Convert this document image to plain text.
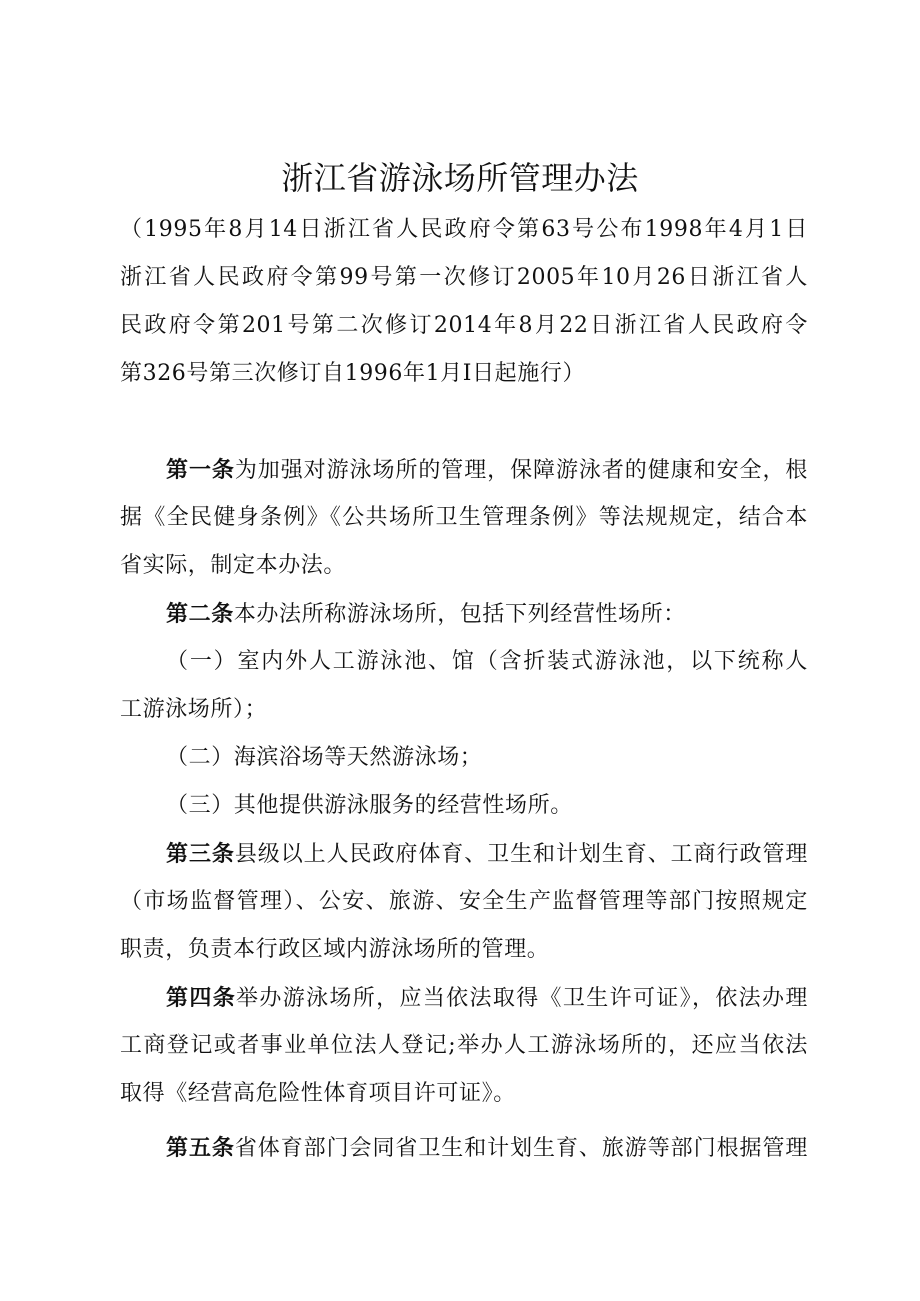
浙江省游泳场所管理办法
（1995年8月14日浙江省人民政府令第63号公布1998年4月1日
浙江省人民政府令第99号第一次修订2005年10月26日浙江省人
民政府令第201号第二次修订2014年8月22日浙江省人民政府令
第326号第三次修订自1996年1月I日起施行）
第一条为加强对游泳场所的管理，保障游泳者的健康和安全，根
据《全民健身条例》《公共场所卫生管理条例》等法规规定，结合本
省实际，制定本办法。
第二条本办法所称游泳场所，包括下列经营性场所：
（一）室内外人工游泳池、馆（含折装式游泳池，以下统称人
工游泳场所）；
（二）海滨浴场等天然游泳场；
（三）其他提供游泳服务的经营性场所。
第三条县级以上人民政府体育、卫生和计划生育、工商行政管理
（市场监督管理）、公安、旅游、安全生产监督管理等部门按照规定
职责，负责本行政区域内游泳场所的管理。
第四条举办游泳场所，应当依法取得《卫生许可证》，依法办理
工商登记或者事业单位法人登记;举办人工游泳场所的，还应当依法
取得《经营高危险性体育项目许可证》。
第五条省体育部门会同省卫生和计划生育、旅游等部门根据管理
